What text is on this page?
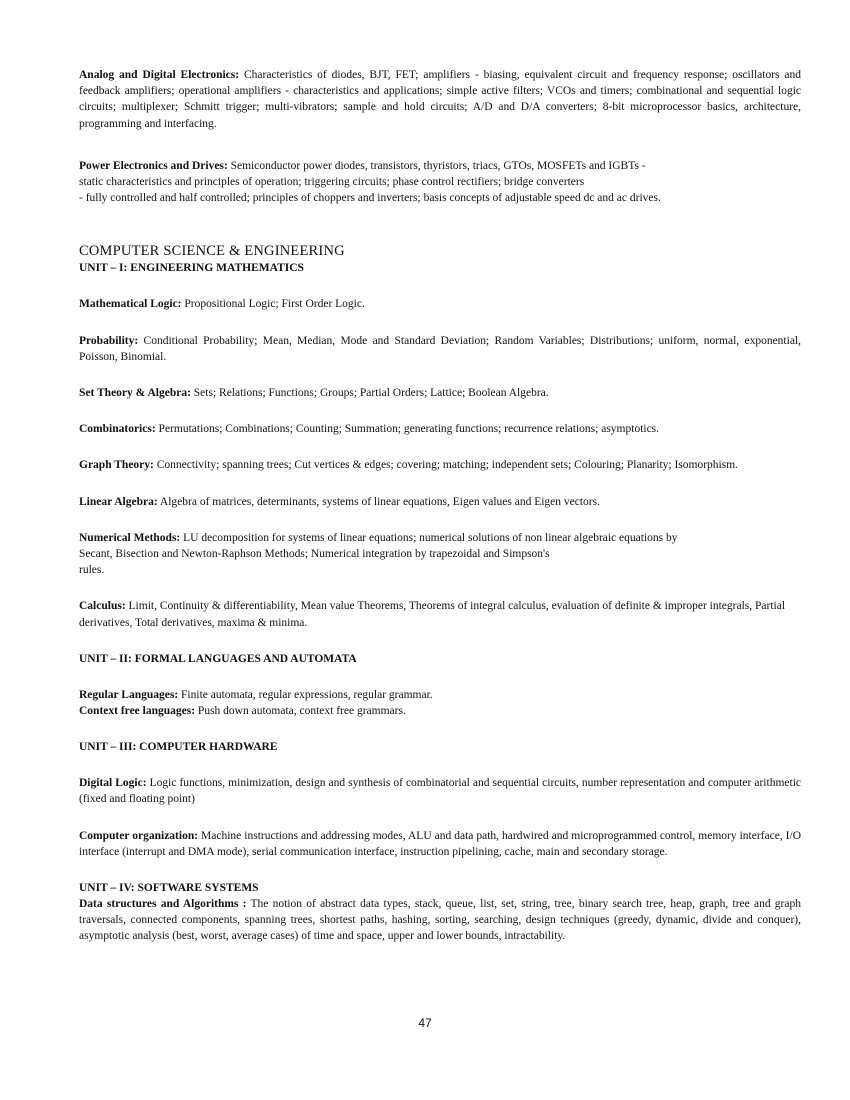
Analog and Digital Electronics: Characteristics of diodes, BJT, FET; amplifiers - biasing, equivalent circuit and frequency response; oscillators and feedback amplifiers; operational amplifiers - characteristics and applications; simple active filters; VCOs and timers; combinational and sequential logic circuits; multiplexer; Schmitt trigger; multi-vibrators; sample and hold circuits; A/D and D/A converters; 8-bit microprocessor basics, architecture, programming and interfacing.

Power Electronics and Drives: Semiconductor power diodes, transistors, thyristors, triacs, GTOs, MOSFETs and IGBTs -
static characteristics and principles of operation; triggering circuits; phase control rectifiers; bridge converters
- fully controlled and half controlled; principles of choppers and inverters; basis concepts of adjustable speed dc and ac drives.

COMPUTER SCIENCE & ENGINEERING
UNIT – I: ENGINEERING MATHEMATICS

Mathematical Logic: Propositional Logic; First Order Logic.

Probability: Conditional Probability; Mean, Median, Mode and Standard Deviation; Random Variables; Distributions; uniform, normal, exponential, Poisson, Binomial.

Set Theory & Algebra: Sets; Relations; Functions; Groups; Partial Orders; Lattice; Boolean Algebra.

Combinatorics: Permutations; Combinations; Counting; Summation; generating functions; recurrence relations; asymptotics.

Graph Theory: Connectivity; spanning trees; Cut vertices & edges; covering; matching; independent sets; Colouring; Planarity; Isomorphism.

Linear Algebra: Algebra of matrices, determinants, systems of linear equations, Eigen values and Eigen vectors.

Numerical Methods: LU decomposition for systems of linear equations; numerical solutions of non linear algebraic equations by
Secant, Bisection and Newton-Raphson Methods; Numerical integration by trapezoidal and Simpson's
rules.

Calculus: Limit, Continuity & differentiability, Mean value Theorems, Theorems of integral calculus, evaluation of definite & improper integrals, Partial derivatives, Total derivatives, maxima & minima.

UNIT – II: FORMAL LANGUAGES AND AUTOMATA

Regular Languages: Finite automata, regular expressions, regular grammar.

Context free languages: Push down automata, context free grammars.

UNIT – III: COMPUTER HARDWARE

Digital Logic: Logic functions, minimization, design and synthesis of combinatorial and sequential circuits, number representation and computer arithmetic (fixed and floating point)

Computer organization: Machine instructions and addressing modes, ALU and data path, hardwired and microprogrammed control, memory interface, I/O interface (interrupt and DMA mode), serial communication interface, instruction pipelining, cache, main and secondary storage.

UNIT – IV: SOFTWARE SYSTEMS

Data structures and Algorithms : The notion of abstract data types, stack, queue, list, set, string, tree, binary search tree, heap, graph, tree and graph traversals, connected components, spanning trees, shortest paths, hashing, sorting, searching, design techniques (greedy, dynamic, divide and conquer), asymptotic analysis (best, worst, average cases) of time and space, upper and lower bounds, intractability.

47
